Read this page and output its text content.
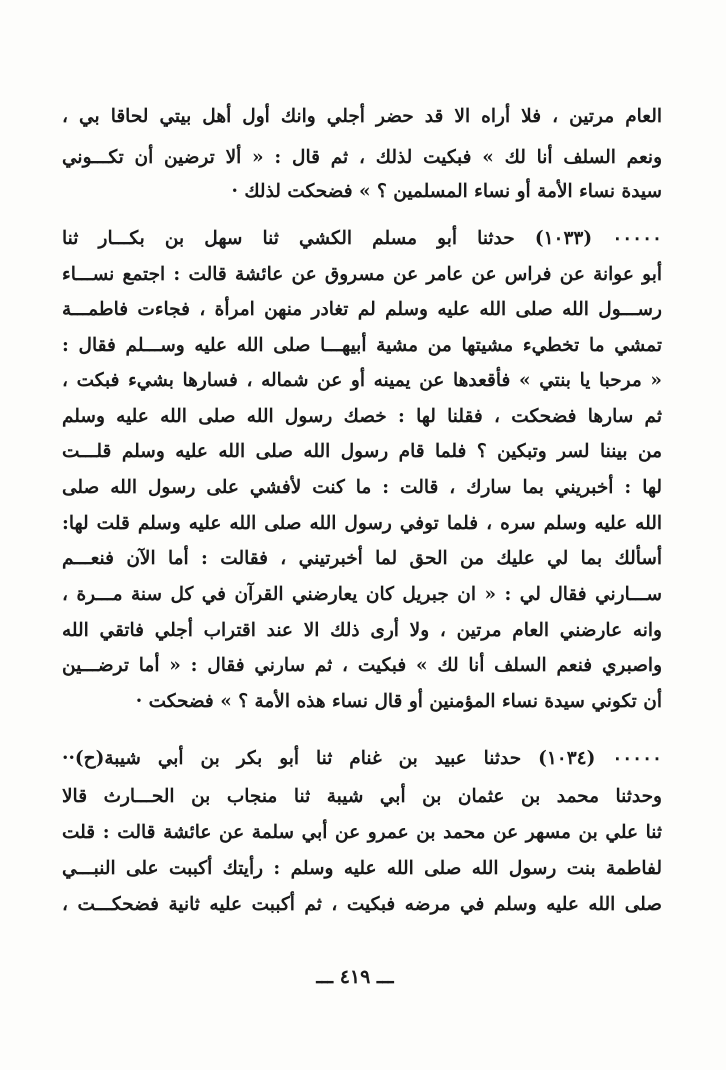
العام مرتين ، فلا أراه الا قد حضر أجلي وانك أول أهل بيتي لحاقا بي ،
ونعم السلف أنا لك » فبكيت لذلك ، ثم قال : « ألا ترضين أن تكـــوني
سيدة نساء الأمة أو نساء المسلمين ؟ » فضحكت لذلك ·
٠٠٠٠٠ (١٠٣٣) حدثنا أبو مسلم الكشي ثنا سهل بن بكـــار ثنا
أبو عوانة عن فراس عن عامر عن مسروق عن عائشة قالت : اجتمع نســـاء
رســـول الله صلى الله عليه وسلم لم تغادر منهن امرأة ، فجاءت فاطمـــة
تمشي ما تخطيء مشيتها من مشية أبيهـــا صلى الله عليه وســـلم فقال :
« مرحبا يا بنتي » فأقعدها عن يمينه أو عن شماله ، فسارها بشيء فبكت ،
ثم سارها فضحكت ، فقلنا لها : خصك رسول الله صلى الله عليه وسلم
من بيننا لسر وتبكين ؟ فلما قام رسول الله صلى الله عليه وسلم قلـــت
لها : أخبريني بما سارك ، قالت : ما كنت لأفشي على رسول الله صلى
الله عليه وسلم سره ، فلما توفي رسول الله صلى الله عليه وسلم قلت لها:
أسألك بما لي عليك من الحق لما أخبرتيني ، فقالت : أما الآن فنعـــم
ســـارني فقال لي : « ان جبريل كان يعارضني القرآن في كل سنة مـــرة ،
وانه عارضني العام مرتين ، ولا أرى ذلك الا عند اقتراب أجلي فاتقي الله
واصبري فنعم السلف أنا لك » فبكيت ، ثم سارني فقال : « أما ترضـــين
أن تكوني سيدة نساء المؤمنين أو قال نساء هذه الأمة ؟ » فضحكت ·
٠٠٠٠٠ (١٠٣٤) حدثنا عبيد بن غنام ثنا أبو بكر بن أبي شيبة(ح)··
وحدثنا محمد بن عثمان بن أبي شيبة ثنا منجاب بن الحـــارث قالا
ثنا علي بن مسهر عن محمد بن عمرو عن أبي سلمة عن عائشة قالت : قلت
لفاطمة بنت رسول الله صلى الله عليه وسلم : رأيتك أكببت على النبـــي
صلى الله عليه وسلم في مرضه فبكيت ، ثم أكببت عليه ثانية فضحكـــت ،
ـــ ٤١٩ ـــ
